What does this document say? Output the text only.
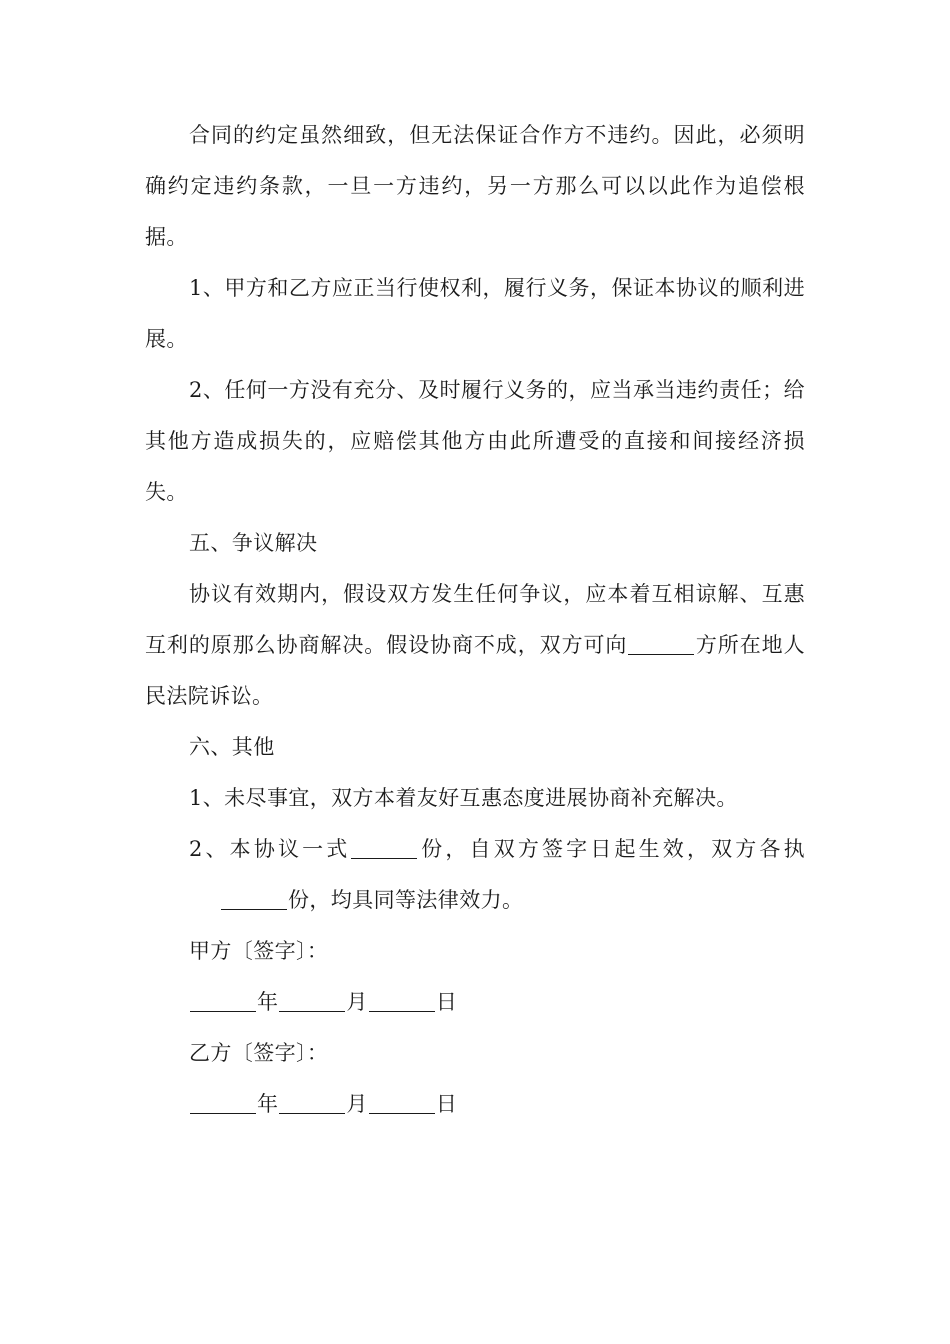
合同的约定虽然细致，但无法保证合作方不违约。因此，必须明确约定违约条款，一旦一方违约，另一方那么可以以此作为追偿根据。

1、甲方和乙方应正当行使权利，履行义务，保证本协议的顺利进展。

2、任何一方没有充分、及时履行义务的，应当承当违约责任；给其他方造成损失的，应赔偿其他方由此所遭受的直接和间接经济损失。

五、争议解决

协议有效期内，假设双方发生任何争议，应本着互相谅解、互惠互利的原那么协商解决。假设协商不成，双方可向	方所在地人民法院诉讼。

六、其他

1、未尽事宜，双方本着友好互惠态度进展协商补充解决。

2、本协议一式	份，自双方签字日起生效，双方各执份，均具同等法律效力。

甲方〔签字〕：

年	月	日

乙方〔签字〕：

年	月	日
